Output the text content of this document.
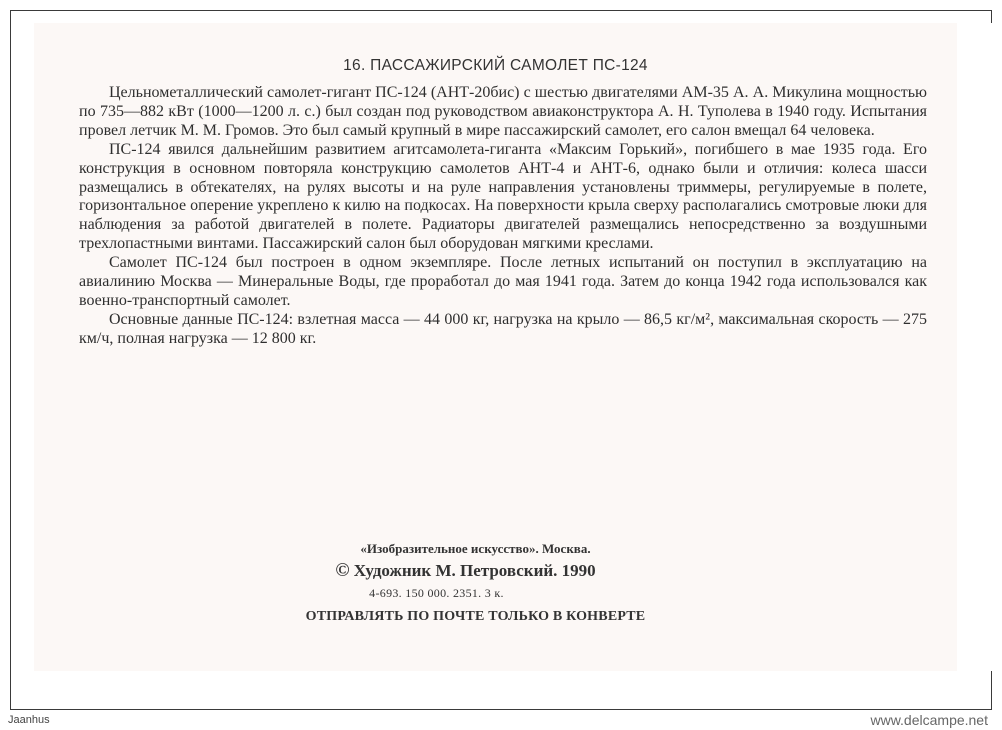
16. ПАССАЖИРСКИЙ САМОЛЕТ ПС-124

Цельнометаллический самолет-гигант ПС-124 (АНТ-20бис) с шестью двигателями АМ-35 А. А. Микулина мощностью по 735—882 кВт (1000—1200 л. с.) был создан под руководством авиаконструктора А. Н. Туполева в 1940 году. Испытания провел летчик М. М. Громов. Это был самый крупный в мире пассажирский самолет, его салон вмещал 64 человека.

ПС-124 явился дальнейшим развитием агитсамолета-гиганта «Максим Горький», погибшего в мае 1935 года. Его конструкция в основном повторяла конструкцию самолетов АНТ-4 и АНТ-6, однако были и отличия: колеса шасси размещались в обтекателях, на рулях высоты и на руле направления установлены триммеры, регулируемые в полете, горизонтальное оперение укреплено к килю на подкосах. На поверхности крыла сверху располагались смотровые люки для наблюдения за работой двигателей в полете. Радиаторы двигателей размещались непосредственно за воздушными трехлопастными винтами. Пассажирский салон был оборудован мягкими креслами.

Самолет ПС-124 был построен в одном экземпляре. После летных испытаний он поступил в эксплуатацию на авиалинию Москва — Минеральные Воды, где проработал до мая 1941 года. Затем до конца 1942 года использовался как военно-транспортный самолет.

Основные данные ПС-124: взлетная масса — 44 000 кг, нагрузка на крыло — 86,5 кг/м², максимальная скорость — 275 км/ч, полная нагрузка — 12 800 кг.

«Изобразительное искусство». Москва.
© Художник М. Петровский. 1990
4-693. 150 000. 2351. 3 к.
ОТПРАВЛЯТЬ ПО ПОЧТЕ ТОЛЬКО В КОНВЕРТЕ
Jaanhus	www.delcampe.net
